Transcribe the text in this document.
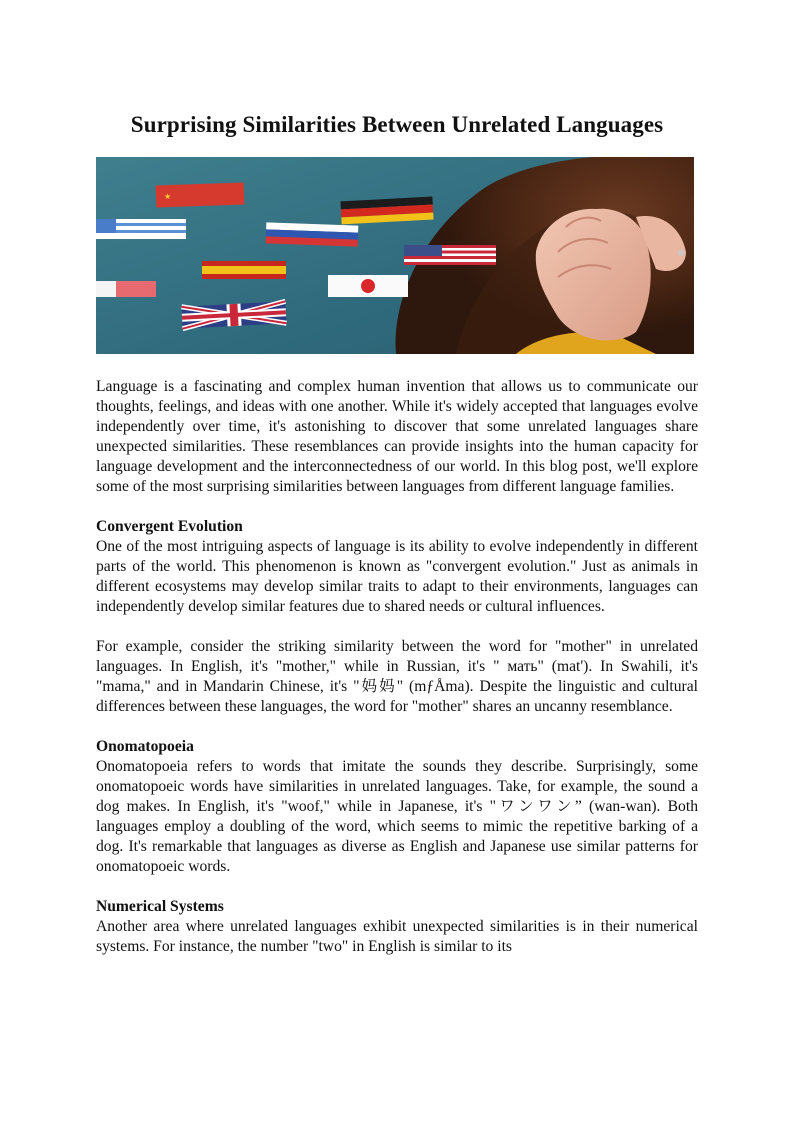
Surprising Similarities Between Unrelated Languages
★

Language is a fascinating and complex human invention that allows us to communicate our thoughts, feelings, and ideas with one another. While it's widely accepted that languages evolve independently over time, it's astonishing to discover that some unrelated languages share unexpected similarities. These resemblances can provide insights into the human capacity for language development and the interconnectedness of our world. In this blog post, we'll explore some of the most surprising similarities between languages from different language families.

Convergent Evolution

One of the most intriguing aspects of language is its ability to evolve independently in different parts of the world. This phenomenon is known as "convergent evolution." Just as animals in different ecosystems may develop similar traits to adapt to their environments, languages can independently develop similar features due to shared needs or cultural influences.

For example, consider the striking similarity between the word for "mother" in unrelated languages. In English, it's "mother," while in Russian, it's " мать" (mat'). In Swahili, it's "mama," and in Mandarin Chinese, it's "妈妈" (mƒÅma). Despite the linguistic and cultural differences between these languages, the word for "mother" shares an uncanny resemblance.

Onomatopoeia

Onomatopoeia refers to words that imitate the sounds they describe. Surprisingly, some onomatopoeic words have similarities in unrelated languages. Take, for example, the sound a dog makes. In English, it's "woof," while in Japanese, it's "ワンワン” (wan-wan). Both languages employ a doubling of the word, which seems to mimic the repetitive barking of a dog. It's remarkable that languages as diverse as English and Japanese use similar patterns for onomatopoeic words.

Numerical Systems

Another area where unrelated languages exhibit unexpected similarities is in their numerical systems. For instance, the number "two" in English is similar to its
